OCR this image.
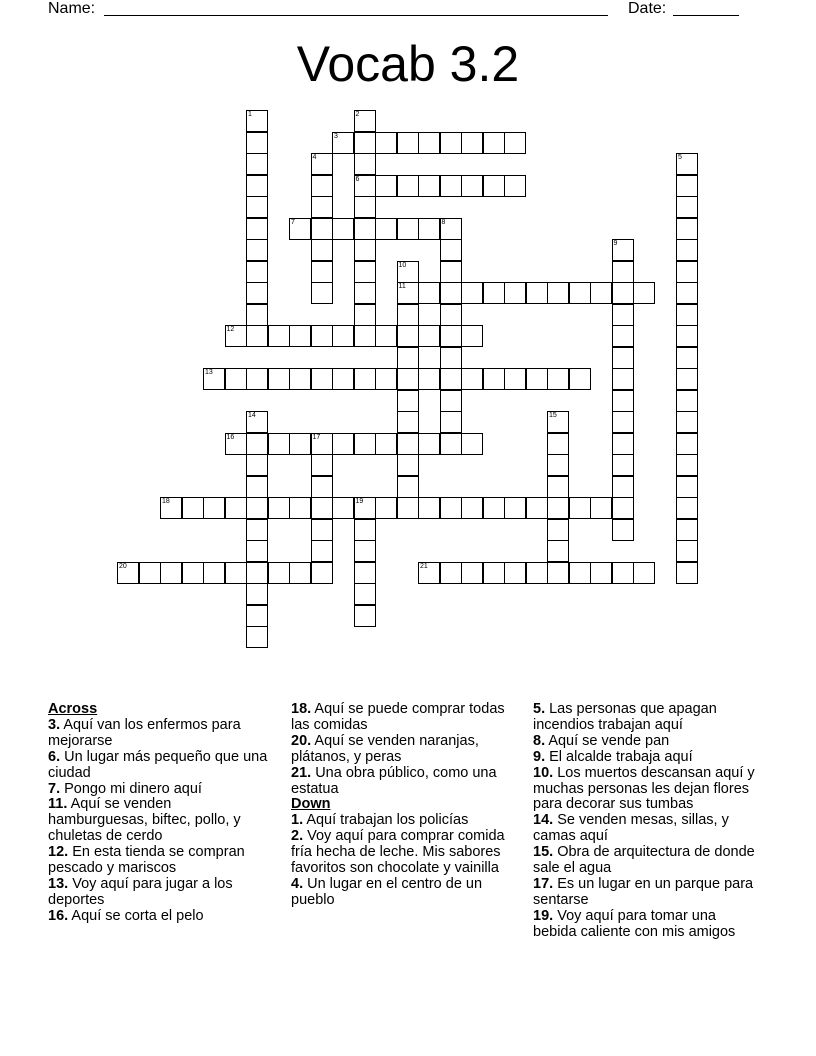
Name:	Date:
Vocab 3.2
1	2
6
3
4	5
7	8
9
10
11
12
13
14	15
16	17
18	19
20	21
Across
3. Aquí van los enfermos para mejorarse
6. Un lugar más pequeño que una ciudad
7. Pongo mi dinero aquí
11. Aquí se venden hamburguesas, biftec, pollo, y chuletas de cerdo
12. En esta tienda se compran pescado y mariscos
13. Voy aquí para jugar a los deportes
16. Aquí se corta el pelo
18. Aquí se puede comprar todas las comidas
20. Aquí se venden naranjas, plátanos, y peras
21. Una obra público, como una estatua
Down
1. Aquí trabajan los policías
2. Voy aquí para comprar comida fría hecha de leche. Mis sabores favoritos son chocolate y vainilla
4. Un lugar en el centro de un pueblo
5. Las personas que apagan incendios trabajan aquí
8. Aquí se vende pan
9. El alcalde trabaja aquí
10. Los muertos descansan aquí y muchas personas les dejan flores para decorar sus tumbas
14. Se venden mesas, sillas, y camas aquí
15. Obra de arquitectura de donde sale el agua
17. Es un lugar en un parque para sentarse
19. Voy aquí para tomar una bebida caliente con mis amigos
